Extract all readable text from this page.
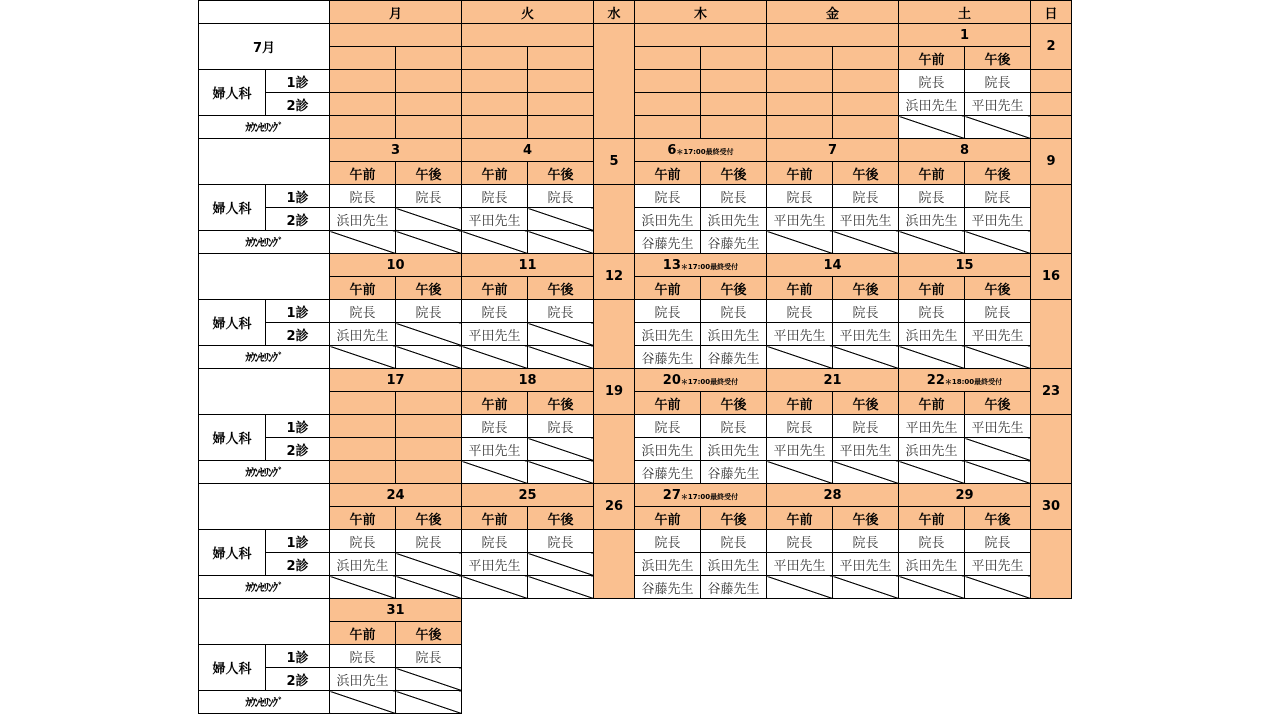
		月		火		水	木		金		土		日
7月											1		2
											午前	午後	
婦人科	1診										院長	院長	
	2診										浜田先生	平田先生	
ｶｳﾝｾﾘﾝｸﾞ													
		3		4		5	6＊17:00最終受付		7		8		9
		午前	午後	午前	午後		午前	午後	午前	午後	午前	午後	
婦人科	1診	院長	院長	院長	院長		院長	院長	院長	院長	院長	院長	
	2診	浜田先生		平田先生			浜田先生	浜田先生	平田先生	平田先生	浜田先生	平田先生	
ｶｳﾝｾﾘﾝｸﾞ							谷藤先生	谷藤先生					
		10		11		12	13＊17:00最終受付		14		15		16
		午前	午後	午前	午後		午前	午後	午前	午後	午前	午後	
婦人科	1診	院長	院長	院長	院長		院長	院長	院長	院長	院長	院長	
	2診	浜田先生		平田先生			浜田先生	浜田先生	平田先生	平田先生	浜田先生	平田先生	
ｶｳﾝｾﾘﾝｸﾞ							谷藤先生	谷藤先生					
		17		18		19	20＊17:00最終受付		21		22＊18:00最終受付		23
				午前	午後		午前	午後	午前	午後	午前	午後	
婦人科	1診			院長	院長		院長	院長	院長	院長	平田先生	平田先生	
	2診			平田先生			浜田先生	浜田先生	平田先生	平田先生	浜田先生		
ｶｳﾝｾﾘﾝｸﾞ							谷藤先生	谷藤先生					
		24		25		26	27＊17:00最終受付		28		29		30
		午前	午後	午前	午後		午前	午後	午前	午後	午前	午後	
婦人科	1診	院長	院長	院長	院長		院長	院長	院長	院長	院長	院長	
	2診	浜田先生		平田先生			浜田先生	浜田先生	平田先生	平田先生	浜田先生	平田先生	
ｶｳﾝｾﾘﾝｸﾞ							谷藤先生	谷藤先生					
		31											
		午前	午後										
婦人科	1診	院長	院長										
	2診	浜田先生											
ｶｳﾝｾﾘﾝｸﾞ													
